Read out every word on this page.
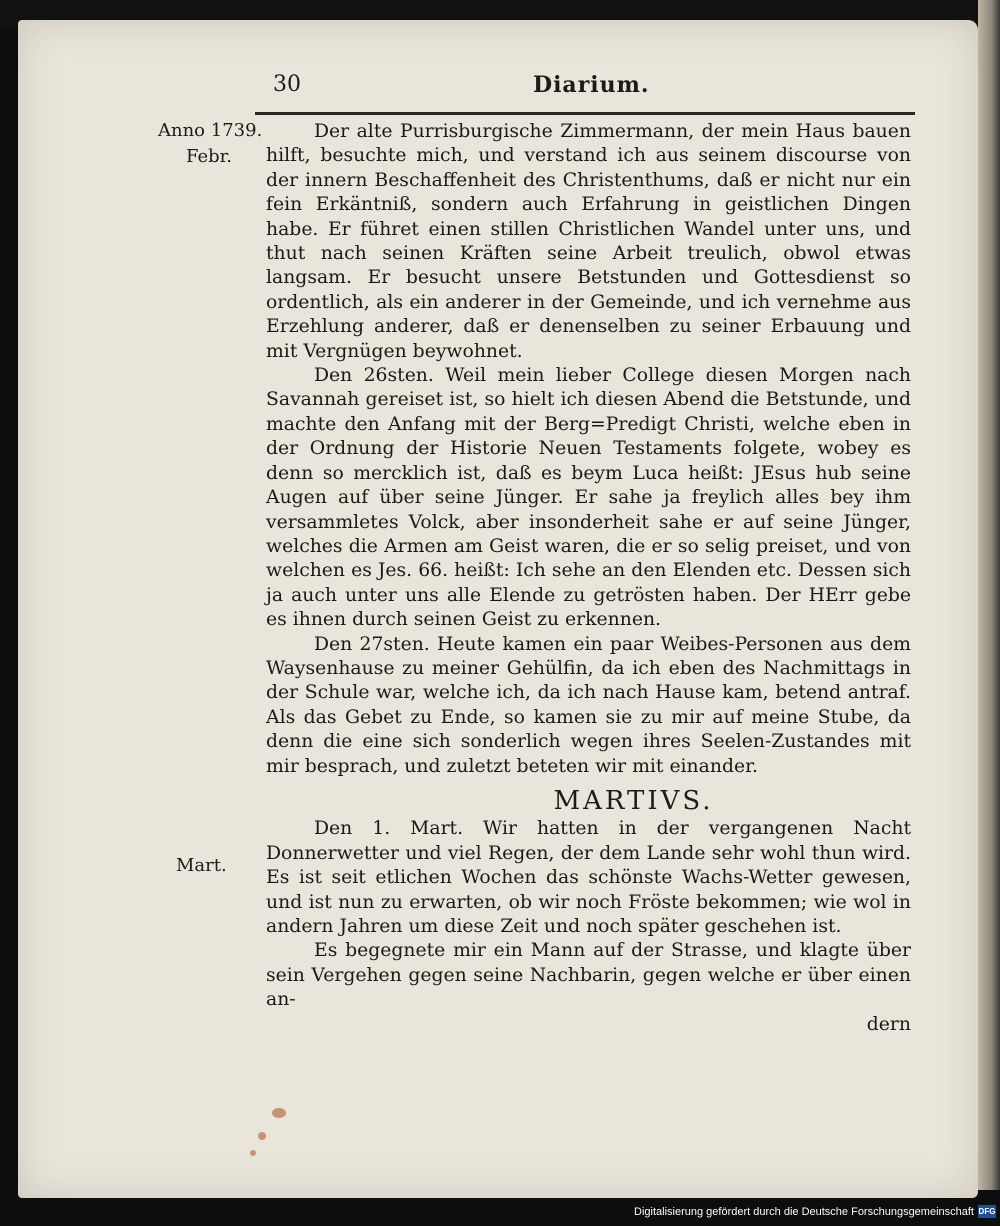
30	Diarium.
Anno 1739.
Febr.
Mart.

Der alte Purrisburgische Zimmermann, der mein Haus bauen hilft, besuchte mich, und verstand ich aus seinem discourse von der innern Beschaffenheit des Christenthums, daß er nicht nur ein fein Erkäntniß, sondern auch Erfahrung in geistlichen Dingen habe. Er führet einen stillen Christlichen Wandel unter uns, und thut nach seinen Kräften seine Arbeit treulich, obwol etwas langsam. Er besucht unsere Betstunden und Gottesdienst so ordentlich, als ein anderer in der Gemeinde, und ich vernehme aus Erzehlung anderer, daß er denenselben zu seiner Erbauung und mit Vergnügen beywohnet.

Den 26sten. Weil mein lieber College diesen Morgen nach Savannah gereiset ist, so hielt ich diesen Abend die Betstunde, und machte den Anfang mit der Berg=Predigt Christi, welche eben in der Ordnung der Historie Neuen Testaments folgete, wobey es denn so mercklich ist, daß es beym Luca heißt: JEsus hub seine Augen auf über seine Jünger. Er sahe ja freylich alles bey ihm versammletes Volck, aber insonderheit sahe er auf seine Jünger, welches die Armen am Geist waren, die er so selig preiset, und von welchen es Jes. 66. heißt: Ich sehe an den Elenden etc. Dessen sich ja auch unter uns alle Elende zu getrösten haben. Der HErr gebe es ihnen durch seinen Geist zu erkennen.

Den 27sten. Heute kamen ein paar Weibes-Personen aus dem Waysenhause zu meiner Gehülfin, da ich eben des Nachmittags in der Schule war, welche ich, da ich nach Hause kam, betend antraf. Als das Gebet zu Ende, so kamen sie zu mir auf meine Stube, da denn die eine sich sonderlich wegen ihres Seelen-Zustandes mit mir besprach, und zuletzt beteten wir mit einander.

MARTIVS.

Den 1. Mart. Wir hatten in der vergangenen Nacht Donnerwetter und viel Regen, der dem Lande sehr wohl thun wird. Es ist seit etlichen Wochen das schönste Wachs-Wetter gewesen, und ist nun zu erwarten, ob wir noch Fröste bekommen; wie wol in andern Jahren um diese Zeit und noch später geschehen ist.

Es begegnete mir ein Mann auf der Strasse, und klagte über sein Vergehen gegen seine Nachbarin, gegen welche er über einen an-

dern

Digitalisierung gefördert durch die Deutsche Forschungsgemeinschaft DFG
